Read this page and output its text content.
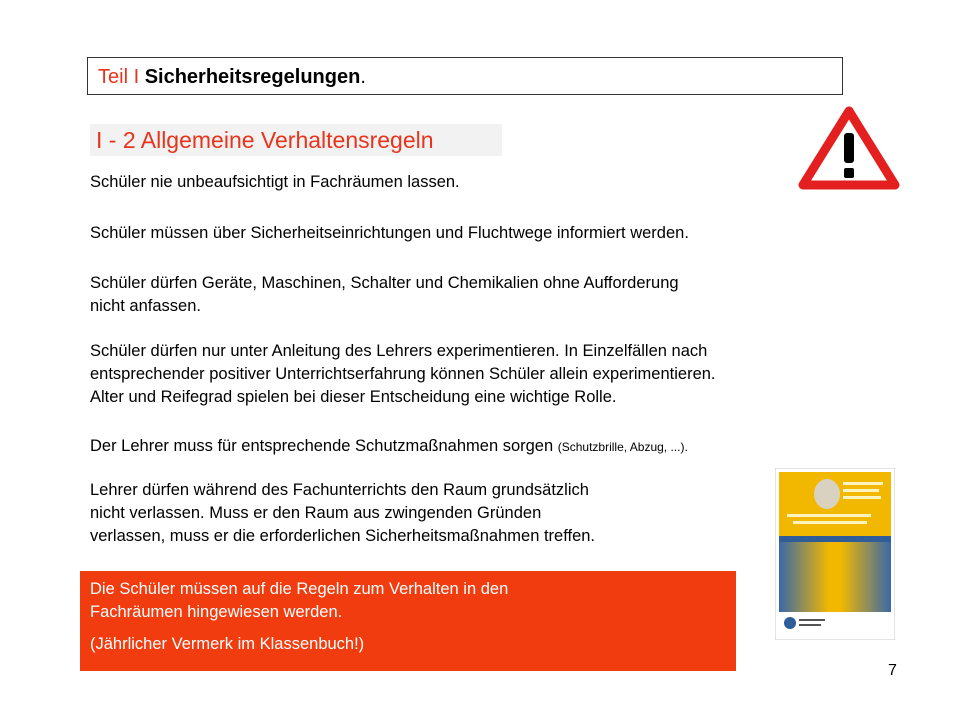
Teil I Sicherheitsregelungen.
I - 2 Allgemeine Verhaltensregeln

Schüler nie unbeaufsichtigt in Fachräumen lassen.

Schüler müssen über Sicherheitseinrichtungen und Fluchtwege informiert werden.

Schüler dürfen Geräte, Maschinen, Schalter und Chemikalien ohne Aufforderung
nicht anfassen.

Schüler dürfen nur unter Anleitung des Lehrers experimentieren. In Einzelfällen nach
entsprechender positiver Unterrichtserfahrung können Schüler allein experimentieren.
Alter und Reifegrad spielen bei dieser Entscheidung eine wichtige Rolle.

Der Lehrer muss für entsprechende Schutzmaßnahmen sorgen (Schutzbrille, Abzug, ...).

Lehrer dürfen während des Fachunterrichts den Raum grundsätzlich
nicht verlassen. Muss er den Raum aus zwingenden Gründen
verlassen, muss er die erforderlichen Sicherheitsmaßnahmen treffen.

Die Schüler müssen auf die Regeln zum Verhalten in den
Fachräumen hingewiesen werden.

(Jährlicher Vermerk im Klassenbuch!)

7
